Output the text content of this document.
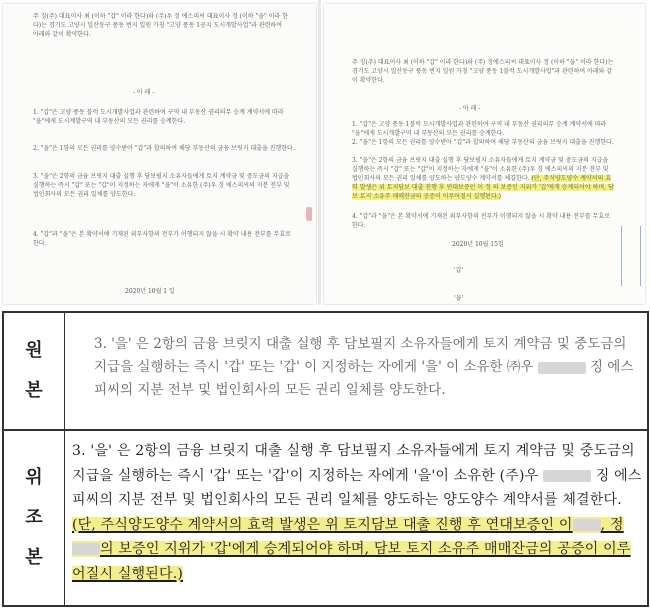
주 징(주) 대표이사 최 (이하 "갑" 이라 한다)와 (주)우 징 에스피씨 대표이사 정 (이하 "을" 이라 한다)는 경기도 고양시 일산동구 풍동 번지 일원 가칭 "고양 풍동 1공지 도시개발사업"과 관련하여 아래와 같이 확약한다.
- 아 래 -
1. "갑"은 고양 풍동 블럭 도시개발사업과 관련하여 구역 내 부동산 권리의무 승계 계약서에 따라 "을"에게 도시계발구역 내 부동산의 모든 권리를 승계한다.
2. "을"은 1항의 모든 권리를 양수받아 "갑"과 합의하여 해당 부동산의 금융 브릿지 대출을 진행한다.
3. "을"은 2항의 금융 브릿지 대출 실행 후 담보필지 소유자들에게 토지 계약금 및 중도금의 지급을 실행하는 즉시 "갑" 또는 "갑"이 지정하는 자에게 "을"이 소유한 (주)우 징 에스피씨의 지분 전부 및 법인회사의 모든 권리 일체를 양도한다.
4. "갑"과 "을"은 본 확약서에 기재된 외부사항의 전부가 이행되지 않을 시 확약 내용 전부를 무효로 한다.
2020년 10월 1 일
주 징(주) 대표이사 최 (이하 "갑" 이라 한다)와 (주) 징에스피씨 대표이사 정 (이하 "을" 이라 한다)는 경기도 고양시 일산동구 풍동 번지 일원 가칭 "고양 풍동 1블럭 도시개발사업"과 관련하여 아래와 같이 확약한다.
- 아 래 -
1. "갑"은 고양 풍동 1블럭 도시개발사업과 관련하여 구역 내 부동산 권리의무 승계 계약서에 따라 "을"에게 도시개발구역 내 부동산의 모든 권리를 승계한다.
2. "을"은 1항의 모든 권리를 양수받아 "갑"과 합의하여 해당 부동산의 금융 브릿지 대출을 진행한다.
3. "을"은 2항의 금융 브릿지 대출 실행 후 담보필지 소유자들에게 토지 계약금 및 중도금의 지급을 실행하는 즉시 "갑" 또는 "갑"이 지정하는 자에게 "을"이 소유한 (주)우 징 에스피씨의 지분 전부 및 법인회사의 모든 권리 일체를 양도하는 양도양수 계약서를 체결한다. (단, 주식양도양수 계약서의 효력 발생은 위 토지담보 대출 진행 후 연대보증인 이 정 의 보증인 지위가 '갑'에게 승계되어야 하며, 담보 토지 소유주 매매잔금의 공증이 이루어질시 실행된다.)
4. "갑"과 "을"은 본 확약서에 기재된 외부사항의 전부가 이행되지 않을 시 확약 내용 전부를 무효로 한다.
2020년 10월 15일
'갑'
'을'
원
본
3. '을' 은 2항의 금융 브릿지 대출 실행 후 담보필지 소유자들에게 토지 계약금 및 중도금의 지급을 실행하는 즉시 '갑' 또는 '갑' 이 지정하는 자에게 '을' 이 소유한 ㈜우	징 에스피씨의 지분 전부 및 법인회사의 모든 권리 일체를 양도한다.
위
조
본
3. '을' 은 2항의 금융 브릿지 대출 실행 후 담보필지 소유자들에게 토지 계약금 및 중도금의 지급을 실행하는 즉시 '갑' 또는 '갑'이 지정하는 자에게 '을'이 소유한 (주)우	징 에스피씨의 지분 전부 및 법인회사의 모든 권리 일체를 양도하는 양도양수 계약서를 체결한다. (단, 주식양도양수 계약서의 효력 발생은 위 토지담보 대출 진행 후 연대보증인 이 , 정의 보증인 지위가 '갑'에게 승계되어야 하며, 담보 토지 소유주 매매잔금의 공증이 이루어질시 실행된다.)
